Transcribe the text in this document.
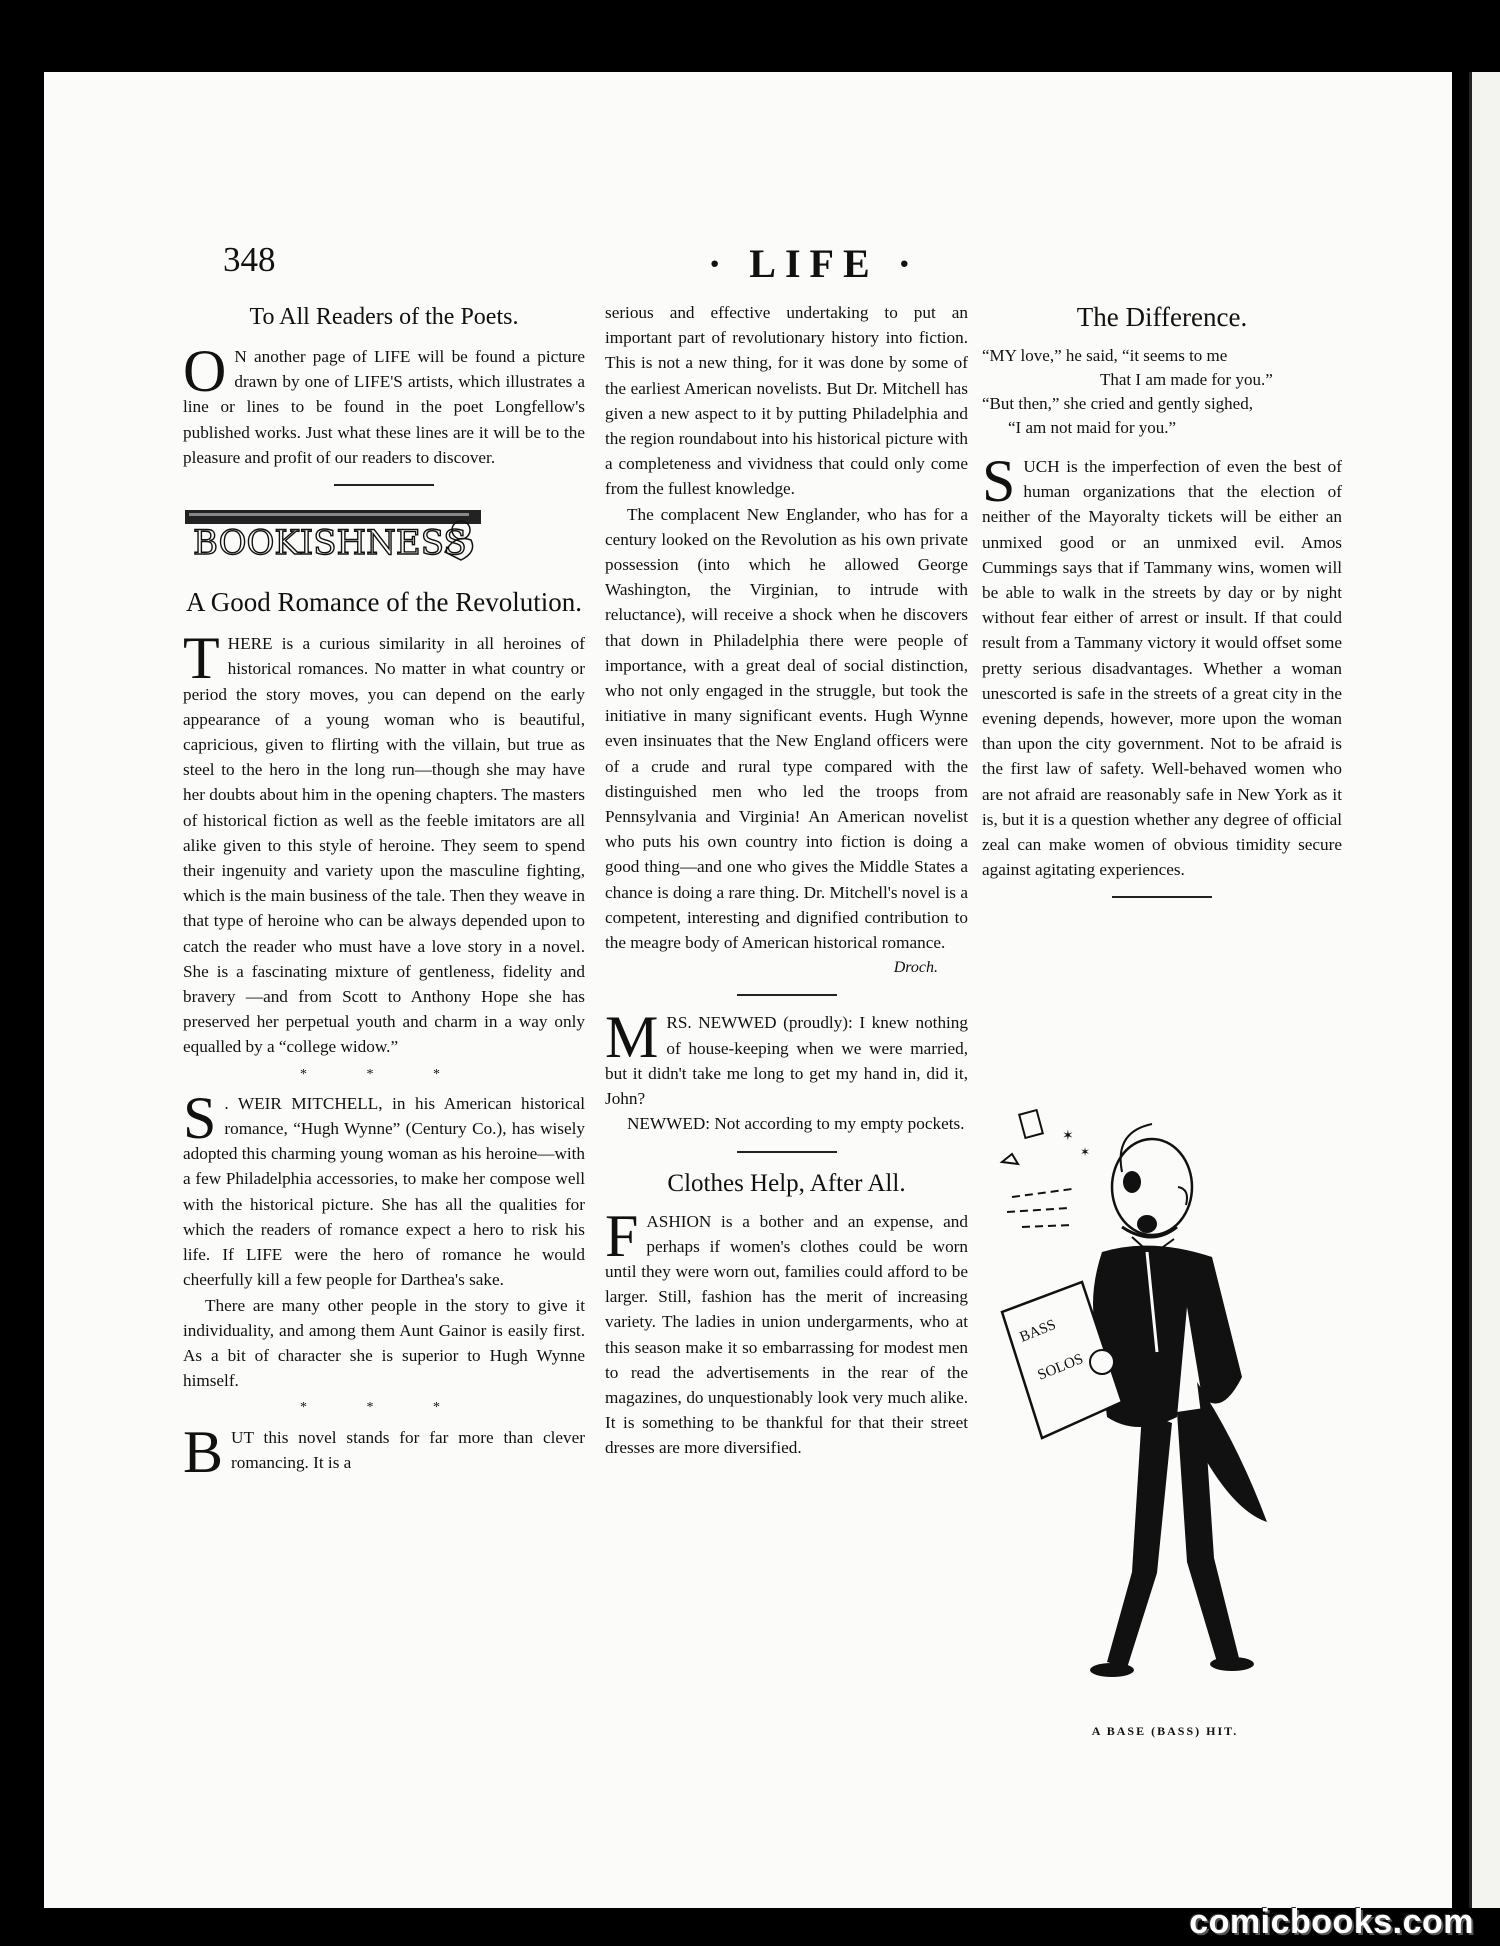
348	· LIFE ·
To All Readers of the Poets.

O N another page of LIFE will be found a picture drawn by one of LIFE'S artists, which illustrates a line or lines to be found in the poet Longfellow's published works. Just what these lines are it will be to the pleasure and profit of our readers to discover.

BOOKISHNESS
A Good Romance of the Revolution.

THERE is a curious similarity in all heroines of historical romances. No matter in what country or period the story moves, you can depend on the early appearance of a young woman who is beautiful, capricious, given to flirting with the villain, but true as steel to the hero in the long run—though she may have her doubts about him in the opening chapters. The masters of historical fiction as well as the feeble imitators are all alike given to this style of heroine. They seem to spend their ingenuity and variety upon the masculine fighting, which is the main business of the tale. Then they weave in that type of heroine who can be always depended upon to catch the reader who must have a love story in a novel. She is a fascinating mixture of gentleness, fidelity and bravery —and from Scott to Anthony Hope she has preserved her perpetual youth and charm in a way only equalled by a “college widow.”

* * *

S . WEIR MITCHELL, in his American historical romance, “Hugh Wynne” (Century Co.), has wisely adopted this charming young woman as his heroine—with a few Philadelphia accessories, to make her compose well with the historical picture. She has all the qualities for which the readers of romance expect a hero to risk his life. If LIFE were the hero of romance he would cheerfully kill a few people for Darthea's sake.

There are many other people in the story to give it individuality, and among them Aunt Gainor is easily first. As a bit of character she is superior to Hugh Wynne himself.

* * *

BUT this novel stands for far more than clever romancing. It is a

serious and effective undertaking to put an important part of revolutionary history into fiction. This is not a new thing, for it was done by some of the earliest American novelists. But Dr. Mitchell has given a new aspect to it by putting Philadelphia and the region roundabout into his historical picture with a completeness and vividness that could only come from the fullest knowledge.

The complacent New Englander, who has for a century looked on the Revolution as his own private possession (into which he allowed George Washington, the Virginian, to intrude with reluctance), will receive a shock when he discovers that down in Philadelphia there were people of importance, with a great deal of social distinction, who not only engaged in the struggle, but took the initiative in many significant events. Hugh Wynne even insinuates that the New England officers were of a crude and rural type compared with the distinguished men who led the troops from Pennsylvania and Virginia! An American novelist who puts his own country into fiction is doing a good thing—and one who gives the Middle States a chance is doing a rare thing. Dr. Mitchell's novel is a competent, interesting and dignified contribution to the meagre body of American historical romance.

Droch.

MRS. NEWWED (proudly): I knew nothing of house-keeping when we were married, but it didn't take me long to get my hand in, did it, John?

NEWWED: Not according to my empty pockets.

Clothes Help, After All.

FASHION is a bother and an expense, and perhaps if women's clothes could be worn until they were worn out, families could afford to be larger. Still, fashion has the merit of increasing variety. The ladies in union undergarments, who at this season make it so embarrassing for modest men to read the advertisements in the rear of the magazines, do unquestionably look very much alike. It is something to be thankful for that their street dresses are more diversified.

The Difference.
“MY love,” he said, “it seems to me
That I am made for you.”
“But then,” she cried and gently sighed,
“I am not maid for you.”

SUCH is the imperfection of even the best of human organizations that the election of neither of the Mayoralty tickets will be either an unmixed good or an unmixed evil. Amos Cummings says that if Tammany wins, women will be able to walk in the streets by day or by night without fear either of arrest or insult. If that could result from a Tammany victory it would offset some pretty serious disadvantages. Whether a woman unescorted is safe in the streets of a great city in the evening depends, however, more upon the woman than upon the city government. Not to be afraid is the first law of safety. Well-behaved women who are not afraid are reasonably safe in New York as it is, but it is a question whether any degree of official zeal can make women of obvious timidity secure against agitating experiences.

✶
✶
BASS
SOLOS
A BASE (BASS) HIT.
comicbooks.com
